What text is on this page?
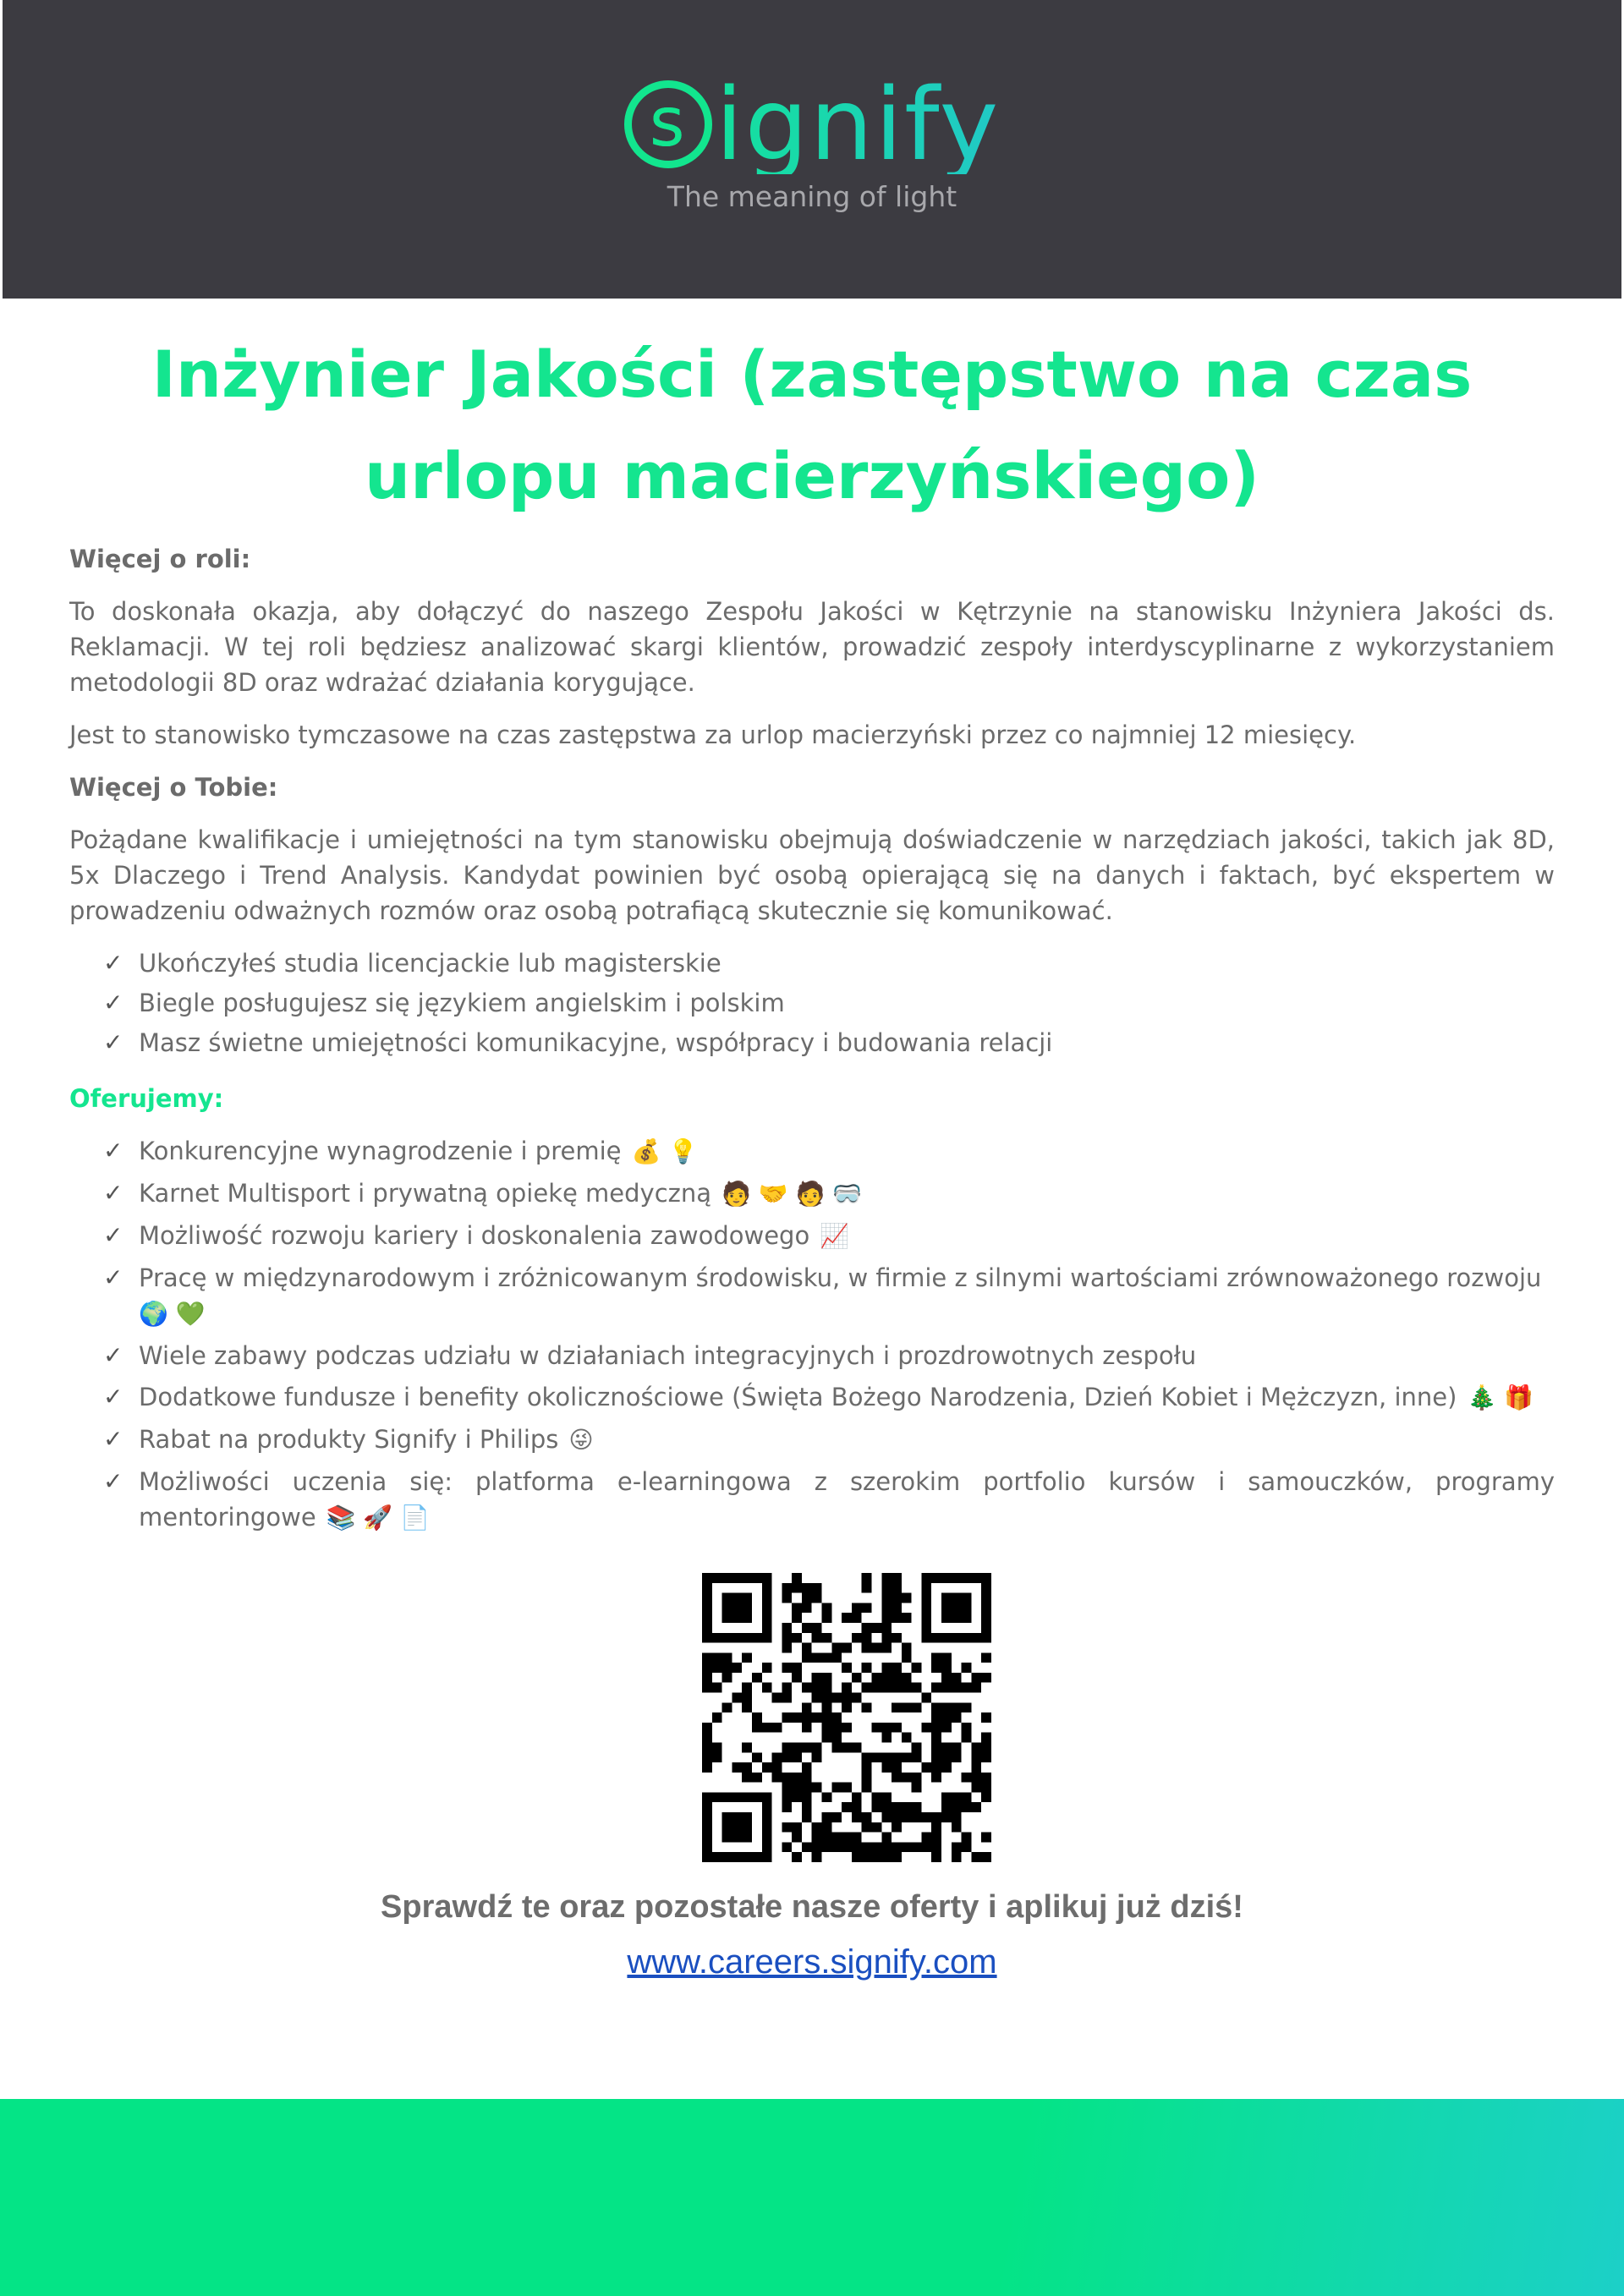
s ignify
The meaning of light
Inżynier Jakości (zastępstwo na czas urlopu macierzyńskiego)

Więcej o roli:

To doskonała okazja, aby dołączyć do naszego Zespołu Jakości w Kętrzynie na stanowisku Inżyniera Jakości ds. Reklamacji. W tej roli będziesz analizować skargi klientów, prowadzić zespoły interdyscyplinarne z wykorzystaniem metodologii 8D oraz wdrażać działania korygujące.

Jest to stanowisko tymczasowe na czas zastępstwa za urlop macierzyński przez co najmniej 12 miesięcy.

Więcej o Tobie:

Pożądane kwalifikacje i umiejętności na tym stanowisku obejmują doświadczenie w narzędziach jakości, takich jak 8D, 5x Dlaczego i Trend Analysis. Kandydat powinien być osobą opierającą się na danych i faktach, być ekspertem w prowadzeniu odważnych rozmów oraz osobą potrafiącą skutecznie się komunikować.

✓ Ukończyłeś studia licencjackie lub magisterskie
✓ Biegle posługujesz się językiem angielskim i polskim
✓ Masz świetne umiejętności komunikacyjne, współpracy i budowania relacji

Oferujemy:

✓ Konkurencyjne wynagrodzenie i premię 💰 💡
✓ Karnet Multisport i prywatną opiekę medyczną 🧑 🤝 🧑 🥽
✓ Możliwość rozwoju kariery i doskonalenia zawodowego 📈
✓ Pracę w międzynarodowym i zróżnicowanym środowisku, w firmie z silnymi wartościami zrównoważonego rozwoju
🌍 💚
✓ Wiele zabawy podczas udziału w działaniach integracyjnych i prozdrowotnych zespołu
✓ Dodatkowe fundusze i benefity okolicznościowe (Święta Bożego Narodzenia, Dzień Kobiet i Mężczyzn, inne) 🎄 🎁
✓ Rabat na produkty Signify i Philips 😜
✓ Możliwości uczenia się: platforma e-learningowa z szerokim portfolio kursów i samouczków, programy mentoringowe 📚 🚀 📄
Sprawdź te oraz pozostałe nasze oferty i aplikuj już dziś!
www.careers.signify.com
